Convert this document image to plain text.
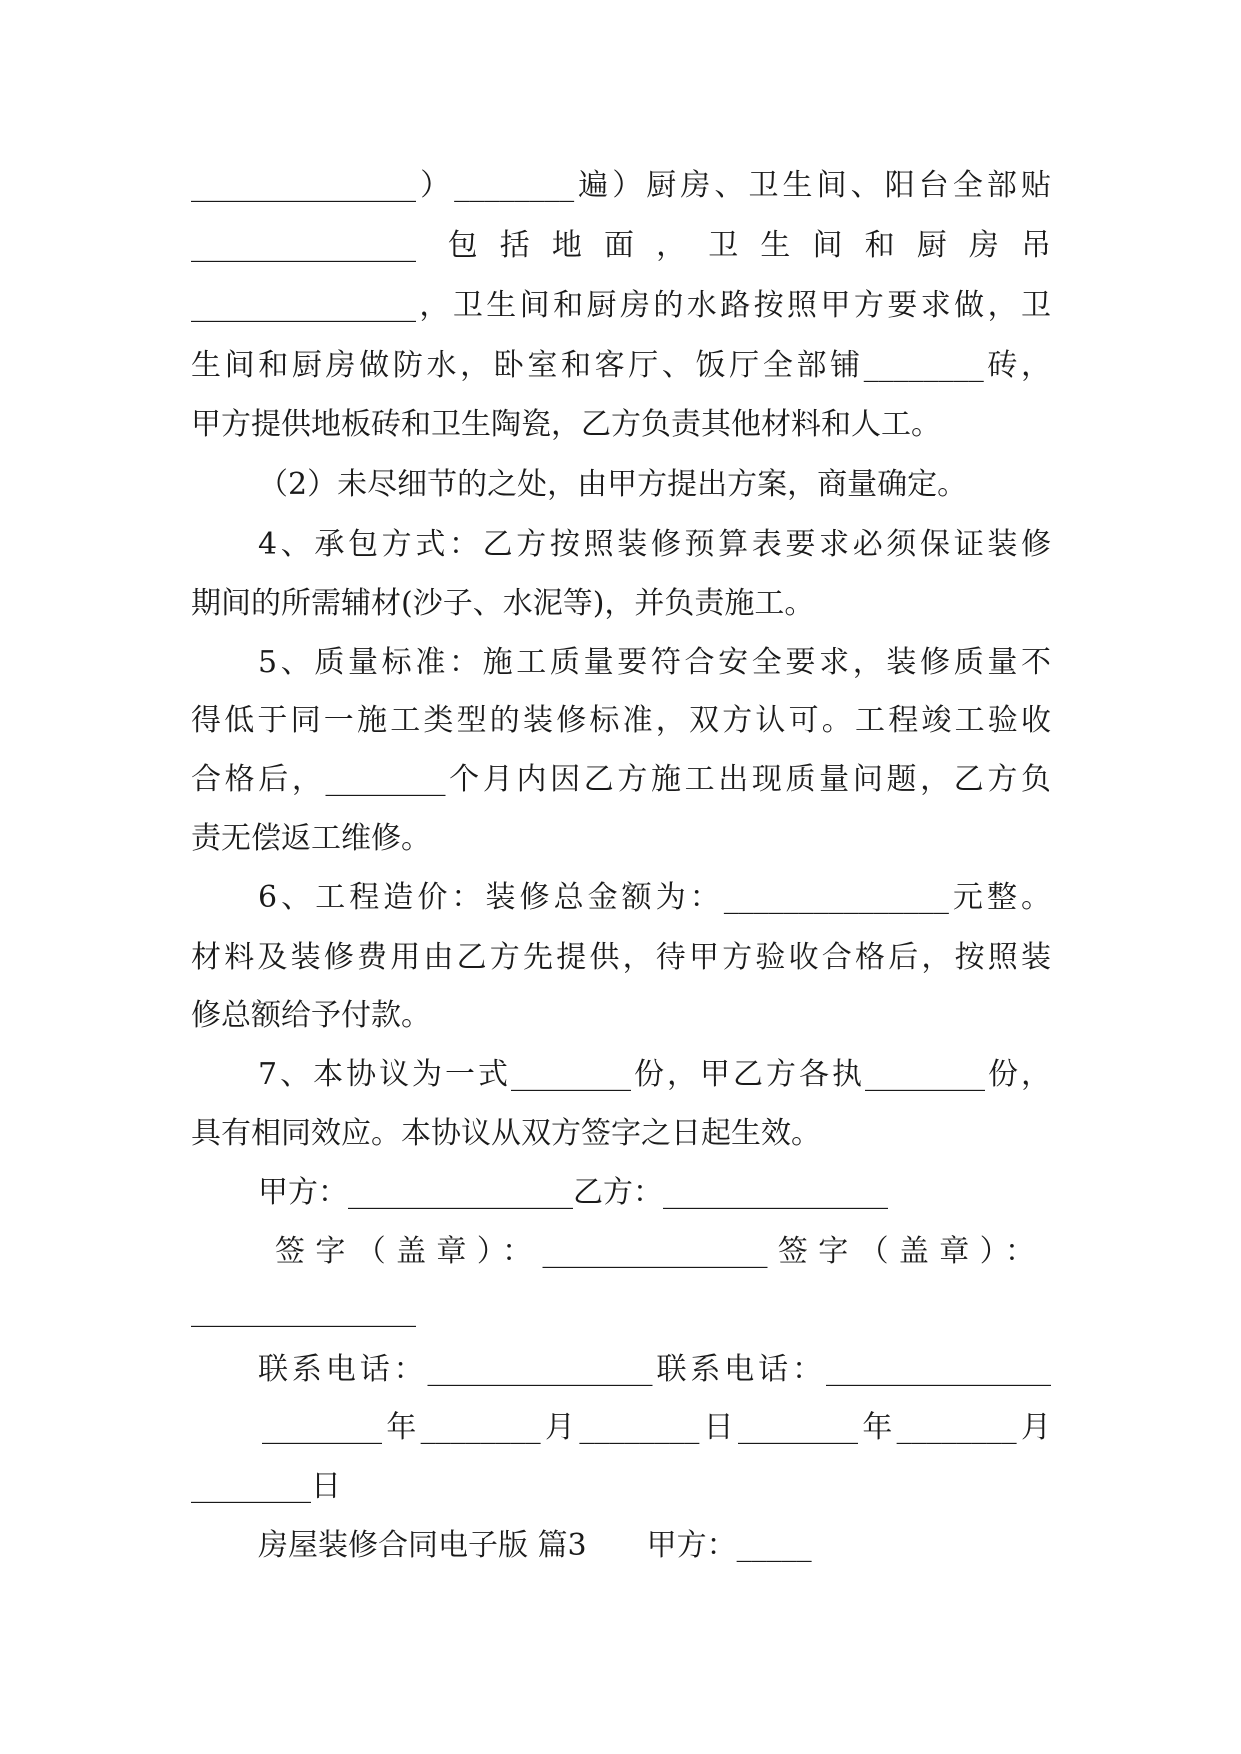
_______________）________遍）厨房、卫生间、阳台全部贴
_______________ 包括地面，卫生间和厨房吊
_______________，卫生间和厨房的水路按照甲方要求做，卫
生间和厨房做防水，卧室和客厅、饭厅全部铺________砖，
甲方提供地板砖和卫生陶瓷，乙方负责其他材料和人工。
（2）未尽细节的之处，由甲方提出方案，商量确定。
4、承包方式：乙方按照装修预算表要求必须保证装修
期间的所需辅材(沙子、水泥等)，并负责施工。
5、质量标准：施工质量要符合安全要求，装修质量不
得低于同一施工类型的装修标准，双方认可。工程竣工验收
合格后，________个月内因乙方施工出现质量问题，乙方负
责无偿返工维修。
6、工程造价：装修总金额为：_______________元整。
材料及装修费用由乙方先提供，待甲方验收合格后，按照装
修总额给予付款。
7、本协议为一式________份，甲乙方各执________份，
具有相同效应。本协议从双方签字之日起生效。
甲方：_______________乙方：_______________
签字（盖章）：_______________签字（盖章）：
_______________
联系电话：_______________联系电话：_______________
________年________月________日________年________月
________日
房屋装修合同电子版 篇3　　甲方：_____
